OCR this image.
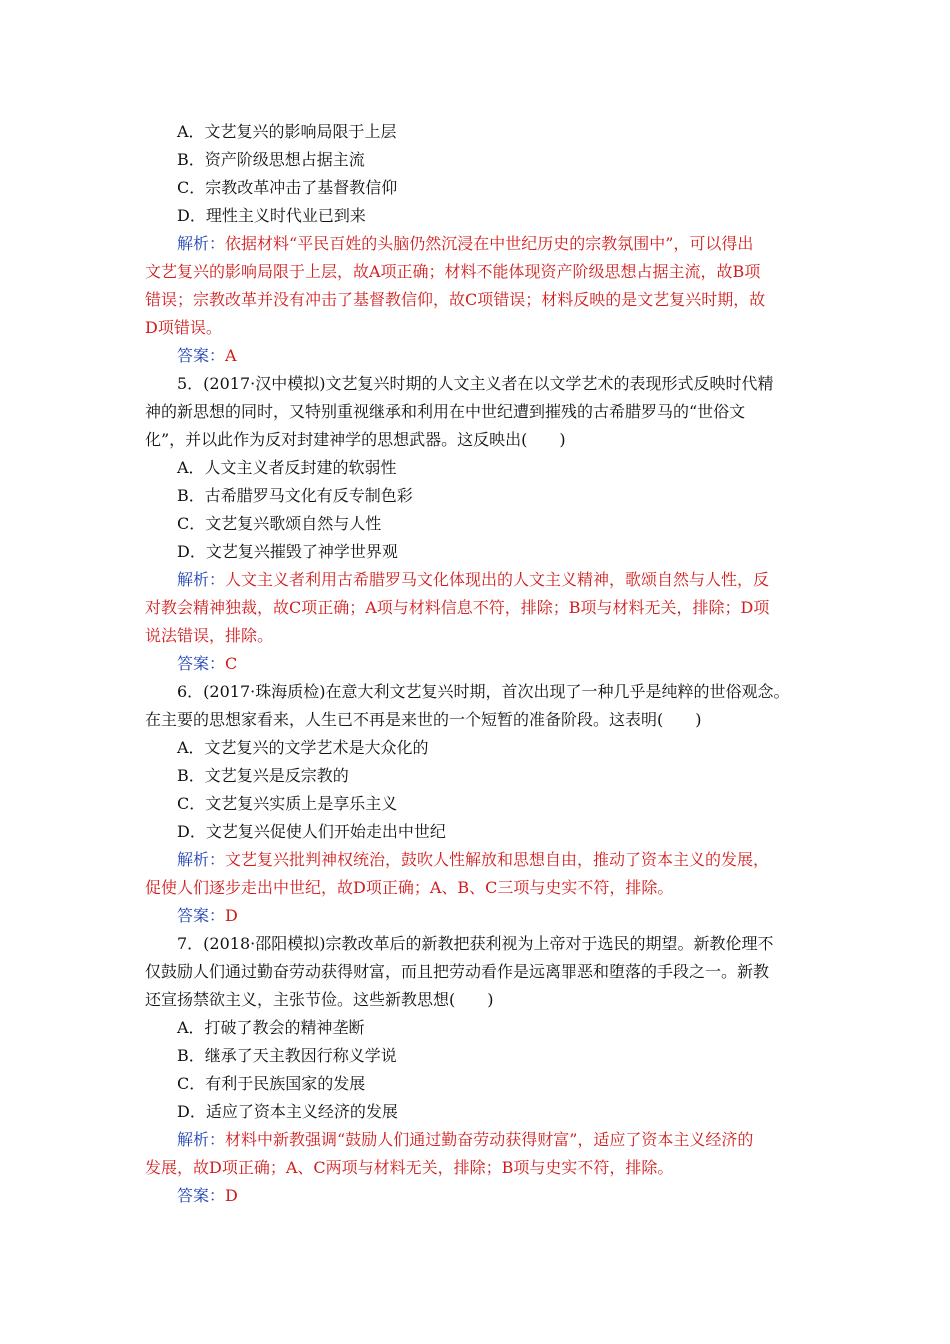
A．文艺复兴的影响局限于上层
B．资产阶级思想占据主流
C．宗教改革冲击了基督教信仰
D．理性主义时代业已到来
解析：依据材料“平民百姓的头脑仍然沉浸在中世纪历史的宗教氛围中”，可以得出
文艺复兴的影响局限于上层，故A项正确；材料不能体现资产阶级思想占据主流，故B项
错误；宗教改革并没有冲击了基督教信仰，故C项错误；材料反映的是文艺复兴时期，故
D项错误。
答案：A
5．(2017·汉中模拟)文艺复兴时期的人文主义者在以文学艺术的表现形式反映时代精
神的新思想的同时，又特别重视继承和利用在中世纪遭到摧残的古希腊罗马的“世俗文
化”，并以此作为反对封建神学的思想武器。这反映出(　　)
A．人文主义者反封建的软弱性
B．古希腊罗马文化有反专制色彩
C．文艺复兴歌颂自然与人性
D．文艺复兴摧毁了神学世界观
解析：人文主义者利用古希腊罗马文化体现出的人文主义精神，歌颂自然与人性，反
对教会精神独裁，故C项正确；A项与材料信息不符，排除；B项与材料无关，排除；D项
说法错误，排除。
答案：C
6．(2017·珠海质检)在意大利文艺复兴时期，首次出现了一种几乎是纯粹的世俗观念。
在主要的思想家看来，人生已不再是来世的一个短暂的准备阶段。这表明(　　)
A．文艺复兴的文学艺术是大众化的
B．文艺复兴是反宗教的
C．文艺复兴实质上是享乐主义
D．文艺复兴促使人们开始走出中世纪
解析：文艺复兴批判神权统治，鼓吹人性解放和思想自由，推动了资本主义的发展，
促使人们逐步走出中世纪，故D项正确；A、B、C三项与史实不符，排除。
答案：D
7．(2018·邵阳模拟)宗教改革后的新教把获利视为上帝对于选民的期望。新教伦理不
仅鼓励人们通过勤奋劳动获得财富，而且把劳动看作是远离罪恶和堕落的手段之一。新教
还宣扬禁欲主义，主张节俭。这些新教思想(　　)
A．打破了教会的精神垄断
B．继承了天主教因行称义学说
C．有利于民族国家的发展
D．适应了资本主义经济的发展
解析：材料中新教强调“鼓励人们通过勤奋劳动获得财富”，适应了资本主义经济的
发展，故D项正确；A、C两项与材料无关，排除；B项与史实不符，排除。
答案：D
